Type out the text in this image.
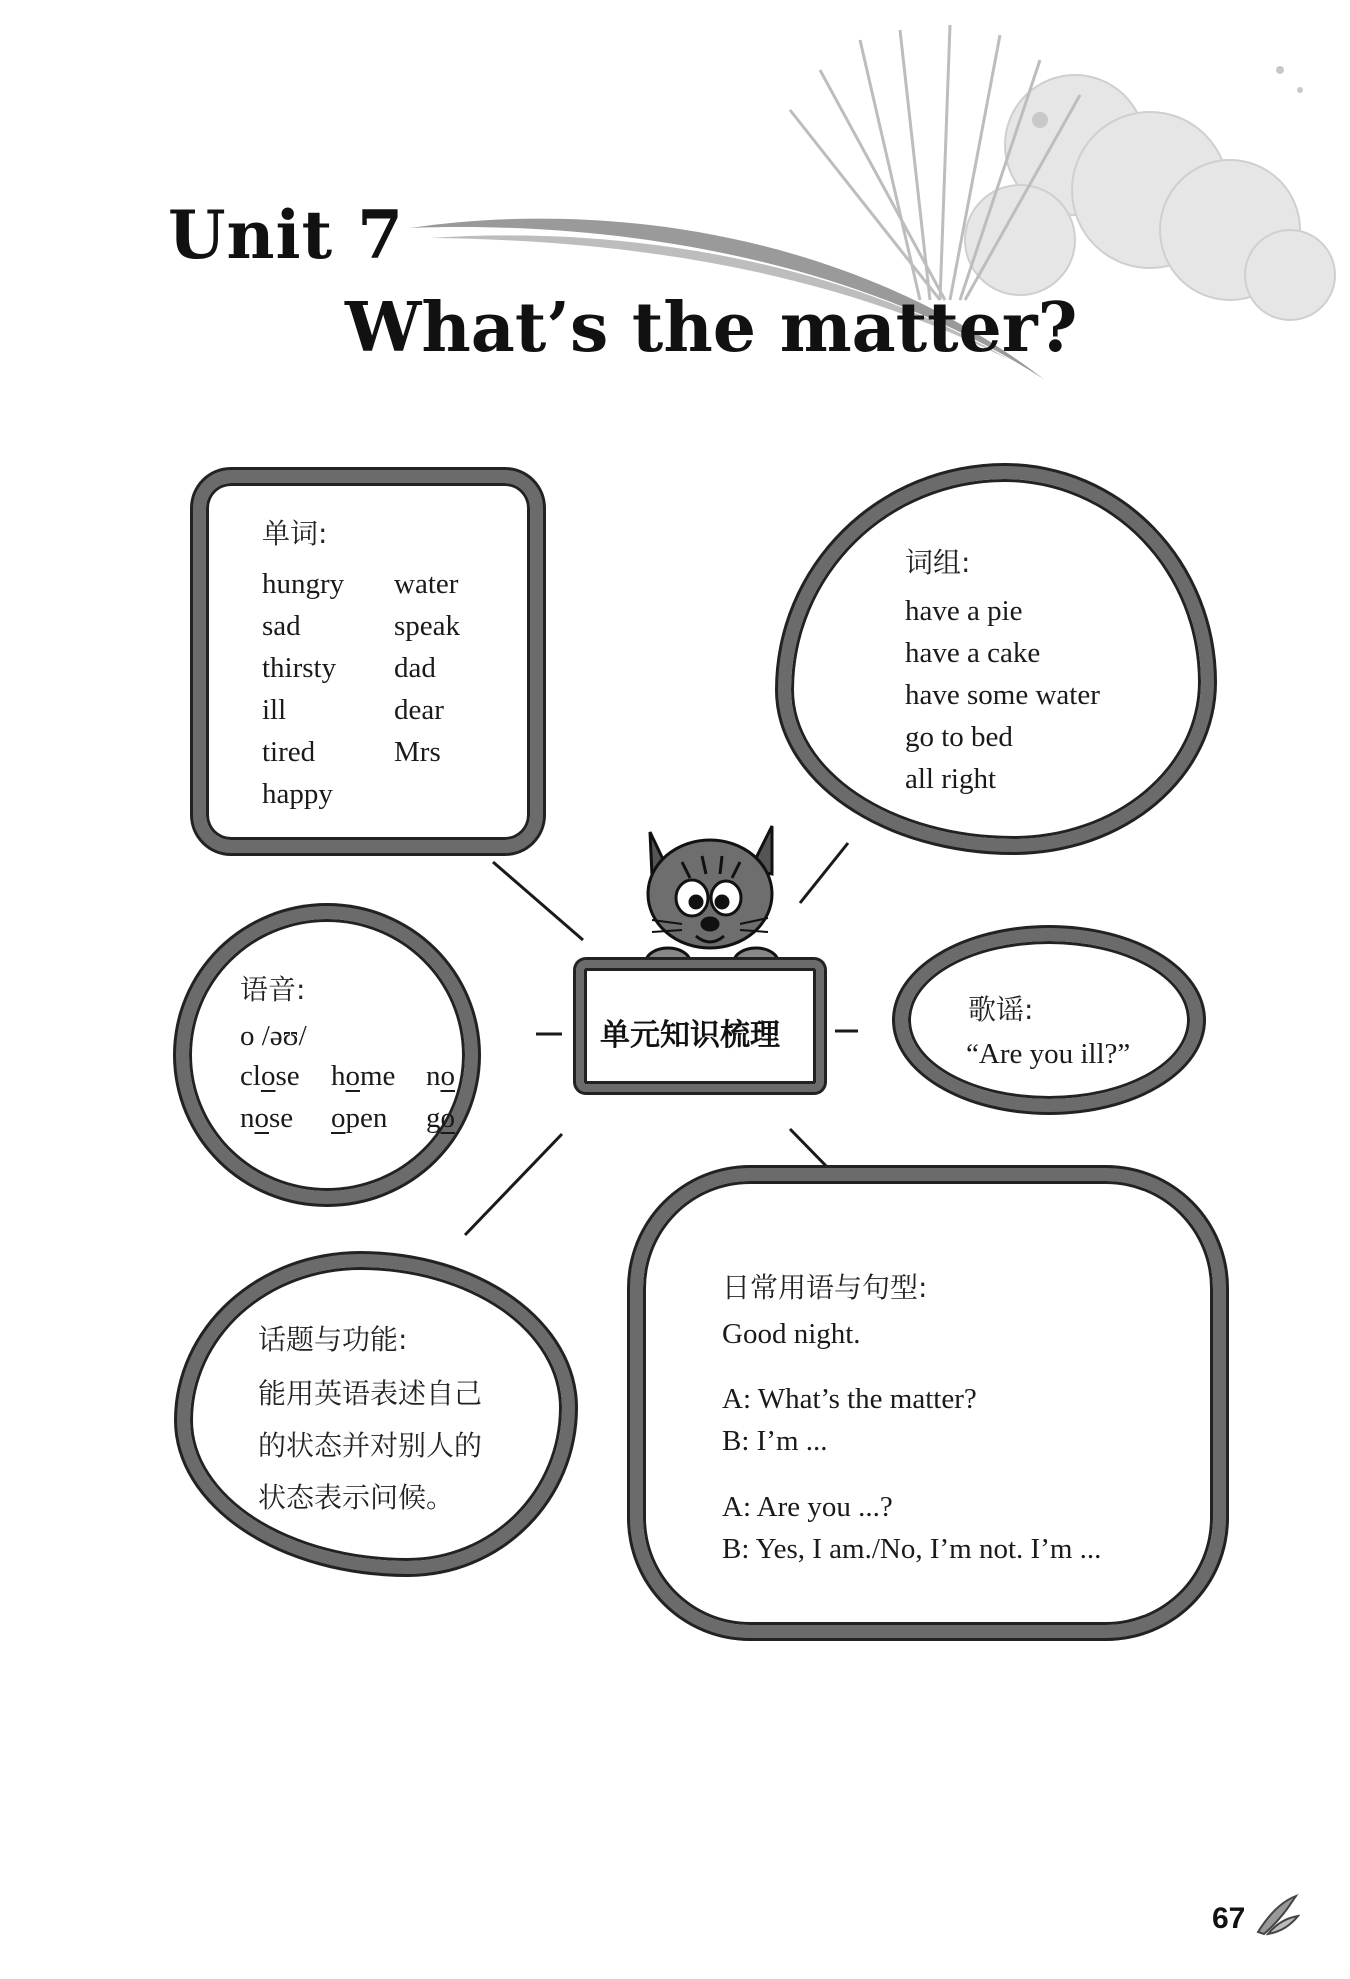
Unit 7
What’s the matter?
单词:
hungry
sad
thirsty
ill
tired
happy
water
speak
dad
dear
Mrs
词组:
have a pie
have a cake
have some water
go to bed
all right
语音:
o /əʊ/
close home no
nose open go
单元知识梳理
歌谣:
“Are you ill?”
话题与功能:
能用英语表述自己
的状态并对别人的
状态表示问候。
日常用语与句型:
Good night.
A: What’s the matter?
B: I’m ...
A: Are you ...?
B: Yes, I am./No, I’m not. I’m ...
67
